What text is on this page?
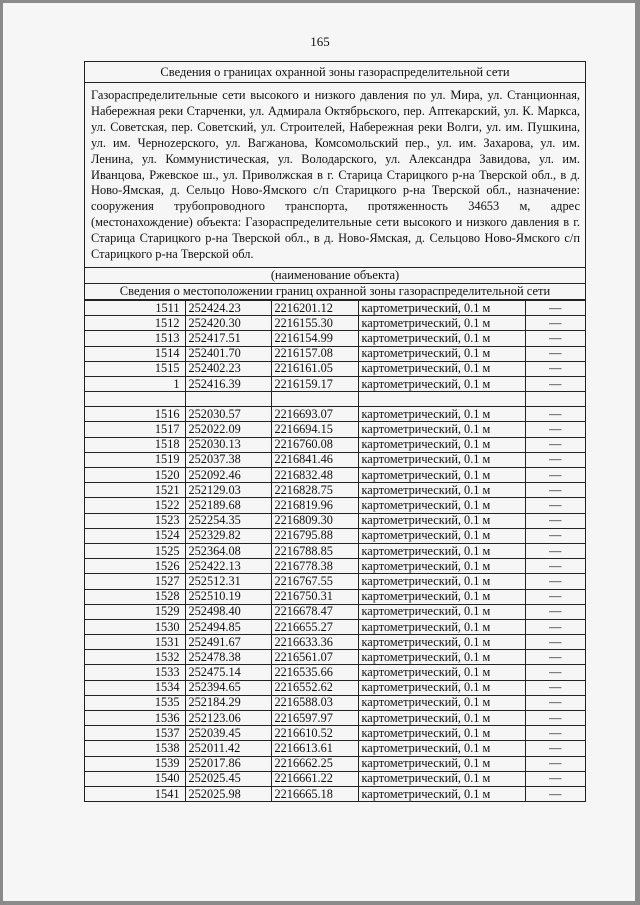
165
Сведения о границах охранной зоны газораспределительной сети
Газораспределительные сети высокого и низкого давления по ул. Мира, ул. Станционная, Набережная реки Старченки, ул. Адмирала Октябрьского, пер. Аптекарский, ул. К. Маркса, ул. Советская, пер. Советский, ул. Строителей, Набережная реки Волги, ул. им. Пушкина, ул. им. Черноzерского, ул. Вагжанова, Комсомольский пер., ул. им. Захарова, ул. им. Ленина, ул. Коммунистическая, ул. Володарского, ул. Александра Завидова, ул. им. Иванцова, Ржевское ш., ул. Приволжская в г. Старица Старицкого р-на Тверской обл., в д. Ново-Ямская, д. Сельцо Ново-Ямского с/п Старицкого р-на Тверской обл., назначение: сооружения трубопроводного транспорта, протяженность 34653 м, адрес (местонахождение) объекта: Газораспределительные сети высокого и низкого давления в г. Старица Старицкого р-на Тверской обл., в д. Ново-Ямская, д. Сельцово Ново-Ямского с/п Старицкого р-на Тверской обл.
(наименование объекта)
Сведения о местоположении границ охранной зоны газораспределительной сети
1511	252424.23	2216201.12	картометрический, 0.1 м	—
1512	252420.30	2216155.30	картометрический, 0.1 м	—
1513	252417.51	2216154.99	картометрический, 0.1 м	—
1514	252401.70	2216157.08	картометрический, 0.1 м	—
1515	252402.23	2216161.05	картометрический, 0.1 м	—
1	252416.39	2216159.17	картометрический, 0.1 м	—

1516	252030.57	2216693.07	картометрический, 0.1 м	—
1517	252022.09	2216694.15	картометрический, 0.1 м	—
1518	252030.13	2216760.08	картометрический, 0.1 м	—
1519	252037.38	2216841.46	картометрический, 0.1 м	—
1520	252092.46	2216832.48	картометрический, 0.1 м	—
1521	252129.03	2216828.75	картометрический, 0.1 м	—
1522	252189.68	2216819.96	картометрический, 0.1 м	—
1523	252254.35	2216809.30	картометрический, 0.1 м	—
1524	252329.82	2216795.88	картометрический, 0.1 м	—
1525	252364.08	2216788.85	картометрический, 0.1 м	—
1526	252422.13	2216778.38	картометрический, 0.1 м	—
1527	252512.31	2216767.55	картометрический, 0.1 м	—
1528	252510.19	2216750.31	картометрический, 0.1 м	—
1529	252498.40	2216678.47	картометрический, 0.1 м	—
1530	252494.85	2216655.27	картометрический, 0.1 м	—
1531	252491.67	2216633.36	картометрический, 0.1 м	—
1532	252478.38	2216561.07	картометрический, 0.1 м	—
1533	252475.14	2216535.66	картометрический, 0.1 м	—
1534	252394.65	2216552.62	картометрический, 0.1 м	—
1535	252184.29	2216588.03	картометрический, 0.1 м	—
1536	252123.06	2216597.97	картометрический, 0.1 м	—
1537	252039.45	2216610.52	картометрический, 0.1 м	—
1538	252011.42	2216613.61	картометрический, 0.1 м	—
1539	252017.86	2216662.25	картометрический, 0.1 м	—
1540	252025.45	2216661.22	картометрический, 0.1 м	—
1541	252025.98	2216665.18	картометрический, 0.1 м	—
